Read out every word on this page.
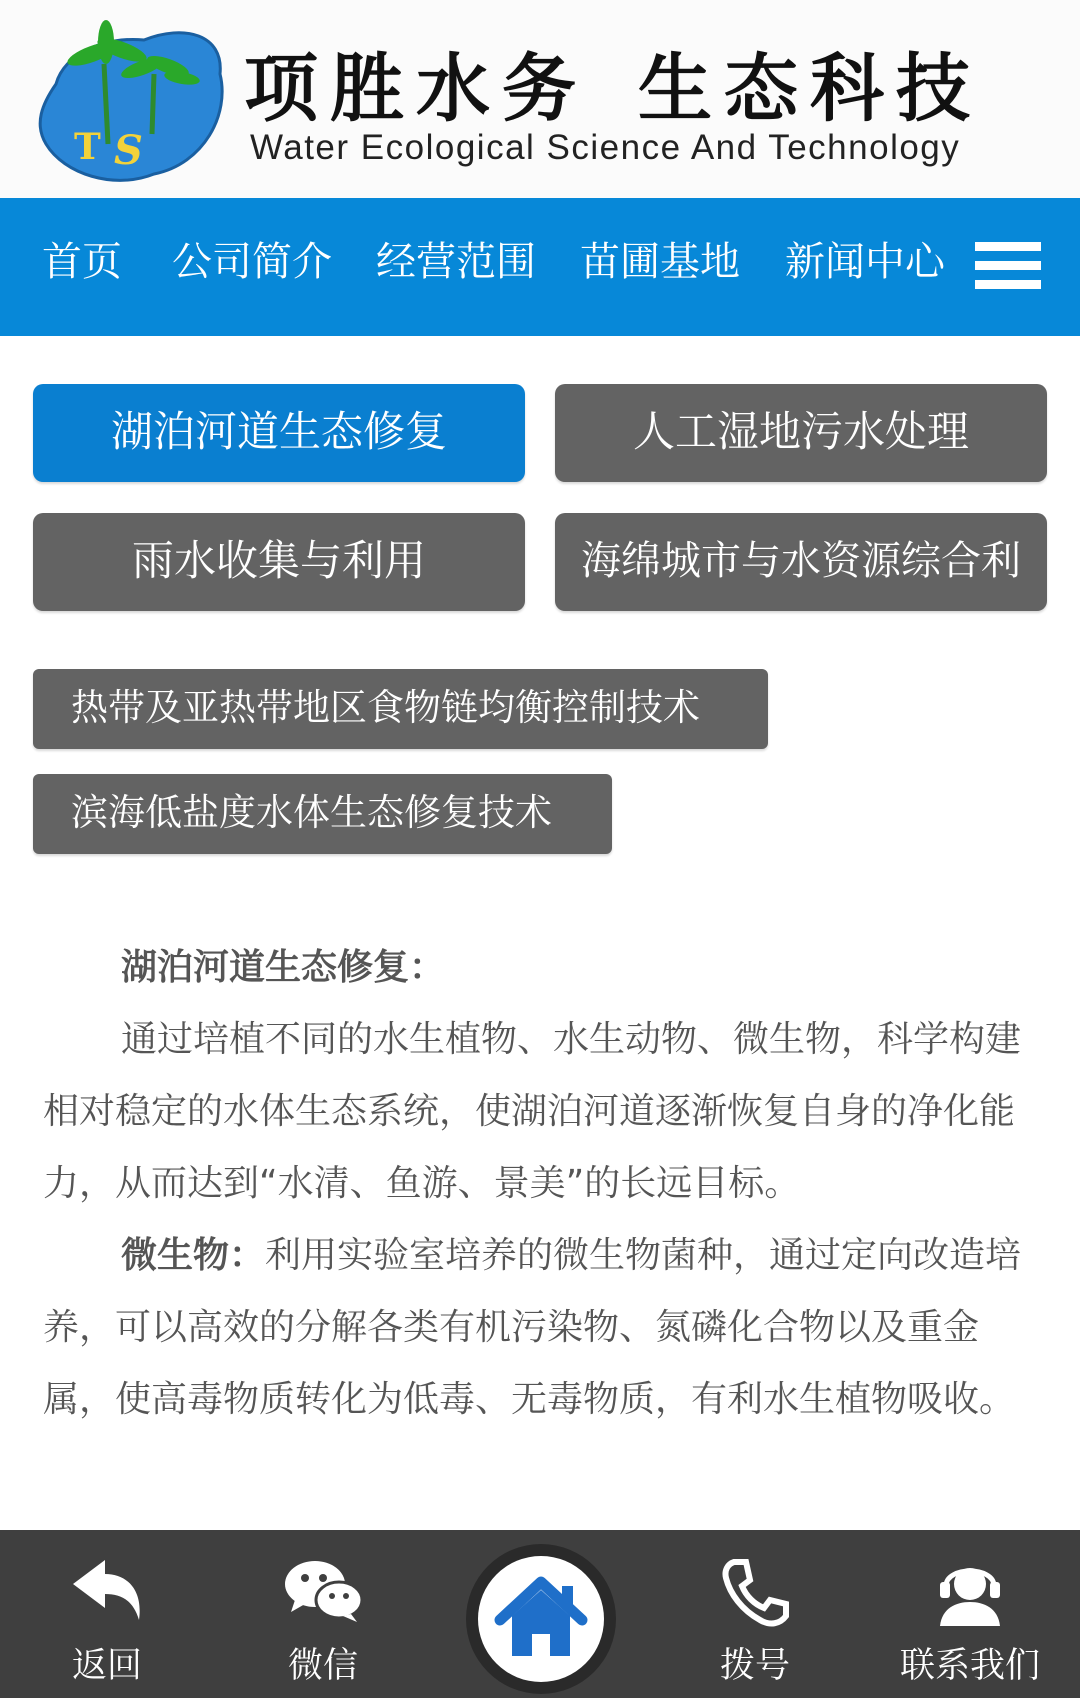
T S
项胜水务 生态科技
Water Ecological Science And Technology
首页 公司简介 经营范围 苗圃基地 新闻中心
湖泊河道生态修复	人工湿地污水处理
雨水收集与利用	海绵城市与水资源综合利
热带及亚热带地区食物链均衡控制技术
滨海低盐度水体生态修复技术

湖泊河道生态修复：

通过培植不同的水生植物、水生动物、微生物，科学构建相对稳定的水体生态系统，使湖泊河道逐渐恢复自身的净化能力，从而达到“水清、鱼游、景美”的长远目标。

微生物：利用实验室培养的微生物菌种，通过定向改造培养，可以高效的分解各类有机污染物、氮磷化合物以及重金属，使高毒物质转化为低毒、无毒物质，有利水生植物吸收。

返回	微信	拨号	联系我们
